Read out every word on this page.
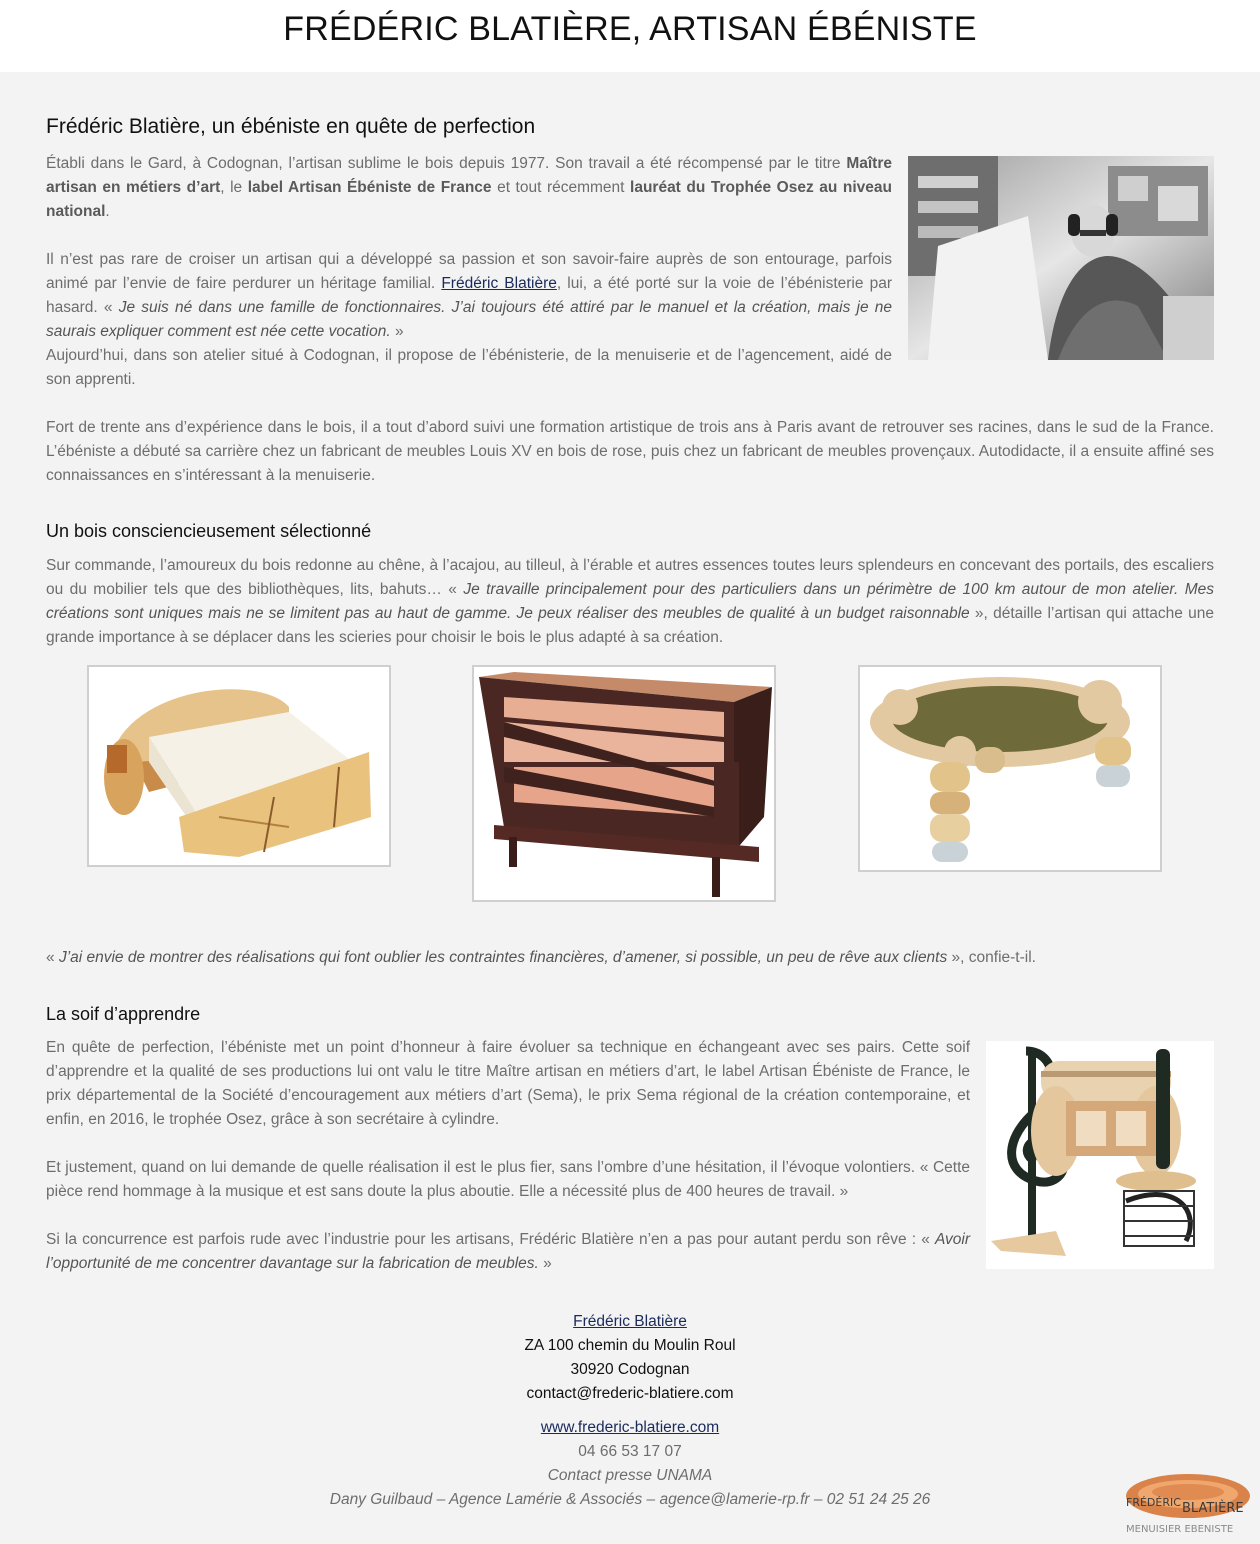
FRÉDÉRIC BLATIÈRE, ARTISAN ÉBÉNISTE
Frédéric Blatière, un ébéniste en quête de perfection

Établi dans le Gard, à Codognan, l’artisan sublime le bois depuis 1977. Son travail a été récompensé par le titre Maître artisan en métiers d’art, le label Artisan Ébéniste de France et tout récemment lauréat du Trophée Osez au niveau national.

Il n’est pas rare de croiser un artisan qui a développé sa passion et son savoir-faire auprès de son entourage, parfois animé par l’envie de faire perdurer un héritage familial. Frédéric Blatière, lui, a été porté sur la voie de l’ébénisterie par hasard. « Je suis né dans une famille de fonctionnaires. J’ai toujours été attiré par le manuel et la création, mais je ne saurais expliquer comment est née cette vocation. »

Aujourd’hui, dans son atelier situé à Codognan, il propose de l’ébénisterie, de la menuiserie et de l’agencement, aidé de son apprenti.

Fort de trente ans d’expérience dans le bois, il a tout d’abord suivi une formation artistique de trois ans à Paris avant de retrouver ses racines, dans le sud de la France. L’ébéniste a débuté sa carrière chez un fabricant de meubles Louis XV en bois de rose, puis chez un fabricant de meubles provençaux. Autodidacte, il a ensuite affiné ses connaissances en s’intéressant à la menuiserie.

Un bois consciencieusement sélectionné

Sur commande, l’amoureux du bois redonne au chêne, à l’acajou, au tilleul, à l’érable et autres essences toutes leurs splendeurs en concevant des portails, des escaliers ou du mobilier tels que des bibliothèques, lits, bahuts… « Je travaille principalement pour des particuliers dans un périmètre de 100 km autour de mon atelier. Mes créations sont uniques mais ne se limitent pas au haut de gamme. Je peux réaliser des meubles de qualité à un budget raisonnable », détaille l’artisan qui attache une grande importance à se déplacer dans les scieries pour choisir le bois le plus adapté à sa création.

« J’ai envie de montrer des réalisations qui font oublier les contraintes financières, d’amener, si possible, un peu de rêve aux clients », confie-t-il.

La soif d’apprendre

En quête de perfection, l’ébéniste met un point d’honneur à faire évoluer sa technique en échangeant avec ses pairs. Cette soif d’apprendre et la qualité de ses productions lui ont valu le titre Maître artisan en métiers d’art, le label Artisan Ébéniste de France, le prix départemental de la Société d’encouragement aux métiers d’art (Sema), le prix Sema régional de la création contemporaine, et enfin, en 2016, le trophée Osez, grâce à son secrétaire à cylindre.

Et justement, quand on lui demande de quelle réalisation il est le plus fier, sans l’ombre d’une hésitation, il l’évoque volontiers. « Cette pièce rend hommage à la musique et est sans doute la plus aboutie. Elle a nécessité plus de 400 heures de travail. »

Si la concurrence est parfois rude avec l’industrie pour les artisans, Frédéric Blatière n’en a pas pour autant perdu son rêve : « Avoir l’opportunité de me concentrer davantage sur la fabrication de meubles. »

Frédéric Blatière
ZA 100 chemin du Moulin Roul
30920 Codognan
contact@frederic-blatiere.com
www.frederic-blatiere.com
04 66 53 17 07
Contact presse UNAMA
Dany Guilbaud – Agence Lamérie & Associés – agence@lamerie-rp.fr – 02 51 24 25 26	FRÉDÉRIC BLATIÈRE
MENUISIER EBENISTE
